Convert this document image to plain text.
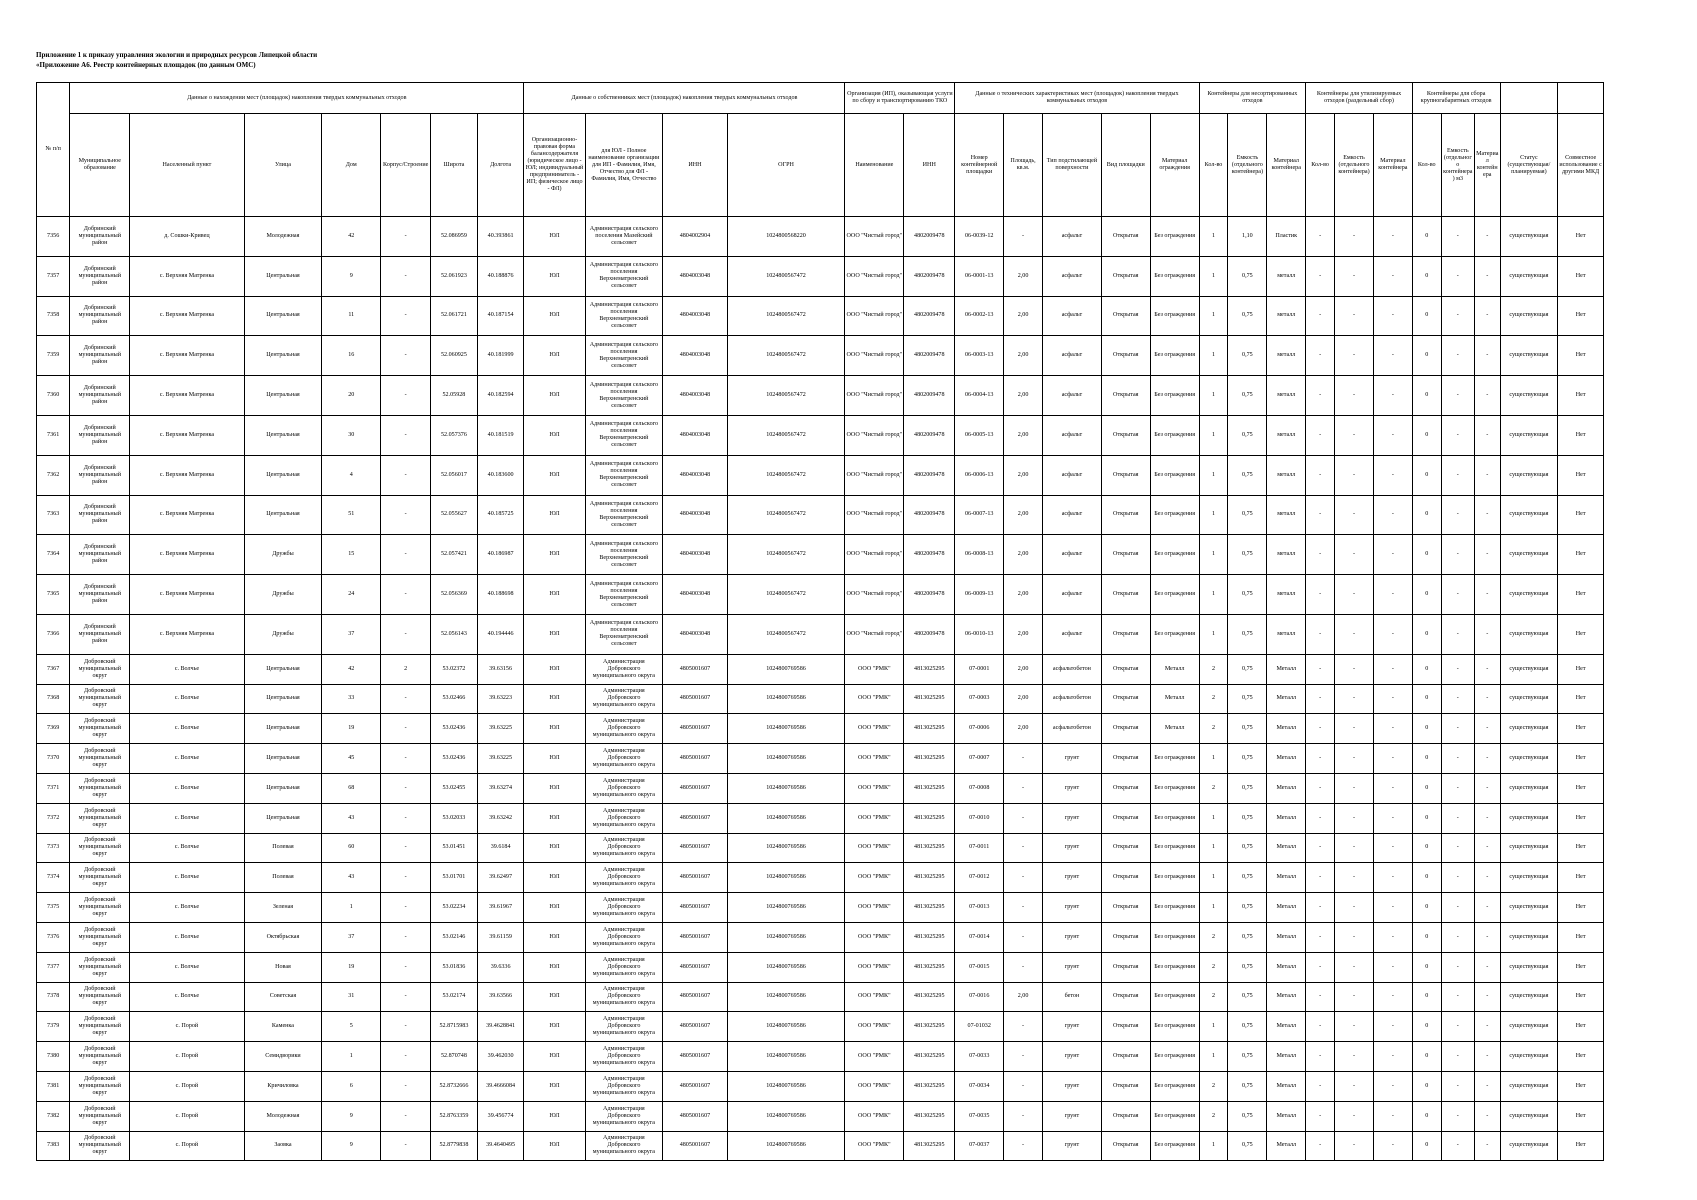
Приложение 1 к приказу управления экологии и природных ресурсов Липецкой области
«Приложение А6. Реестр контейнерных площадок (по данным ОМС)
№ п/п	Данные о нахождении мест (площадок) накопления твердых коммунальных отходов							Данные о собственниках мест (площадок) накопления твердых коммунальных отходов				Организация (ИП), оказывающая услуги по сбору и транспортированию ТКО		Данные о технических характеристиках мест (площадок) накопления твердых коммунальных отходов					Контейнеры для несортированных отходов			Контейнеры для утилизируемых отходов (раздельный сбор)			Контейнеры для сбора крупногабаритных отходов				
	Муниципальное образование	Населенный пункт	Улица	Дом	Корпус/Строение	Широта	Долгота	Организационно-правовая форма балансодержателя (юридическое лицо - ЮЛ; индивидуальный предприниматель - ИП; физическое лицо - ФЛ)	для ЮЛ - Полное наименование организации для ИП - Фамилия, Имя, Отчество для ФЛ - Фамилия, Имя, Отчество	ИНН	ОГРН	Наименование	ИНН	Номер контейнерной площадки	Площадь, кв.м.	Тип подстилающей поверхности	Вид площадки	Материал ограждения	Кол-во	Емкость (отдельного контейнера)	Материал контейнера	Кол-во	Емкость (отдельного контейнера)	Материал контейнера	Кол-во	Емкость (отдельного контейнера) м3	Материал контейнера	Статус (существующая/ планируемая)	Совместное использование с другими МКД
7356	Добринский муниципальный район	д. Сошки-Кривец	Молодежная	42	-	52.086959	40.393861	ЮЛ	Администрация сельского поселения Мазейский сельсовет	4804002904	1024800568220	ООО "Чистый город"	4802009478	06-0039-12	-	асфальт	Открытая	Без ограждения	1	1,10	Пластик	-	-	-	0	-	-	существующая	Нет
7357	Добринский муниципальный район	с. Верхняя Матренка	Центральная	9	-	52.061923	40.188876	ЮЛ	Администрация сельского поселения Верхнематренский сельсовет	4804003048	1024800567472	ООО "Чистый город"	4802009478	06-0001-13	2,00	асфальт	Открытая	Без ограждения	1	0,75	металл	-	-	-	0	-	-	существующая	Нет
7358	Добринский муниципальный район	с. Верхняя Матренка	Центральная	11	-	52.061721	40.187154	ЮЛ	Администрация сельского поселения Верхнематренский сельсовет	4804003048	1024800567472	ООО "Чистый город"	4802009478	06-0002-13	2,00	асфальт	Открытая	Без ограждения	1	0,75	металл	-	-	-	0	-	-	существующая	Нет
7359	Добринский муниципальный район	с. Верхняя Матренка	Центральная	16	-	52.060925	40.181999	ЮЛ	Администрация сельского поселения Верхнематренский сельсовет	4804003048	1024800567472	ООО "Чистый город"	4802009478	06-0003-13	2,00	асфальт	Открытая	Без ограждения	1	0,75	металл	-	-	-	0	-	-	существующая	Нет
7360	Добринский муниципальный район	с. Верхняя Матренка	Центральная	20	-	52.05928	40.182594	ЮЛ	Администрация сельского поселения Верхнематренский сельсовет	4804003048	1024800567472	ООО "Чистый город"	4802009478	06-0004-13	2,00	асфальт	Открытая	Без ограждения	1	0,75	металл	-	-	-	0	-	-	существующая	Нет
7361	Добринский муниципальный район	с. Верхняя Матренка	Центральная	30	-	52.057376	40.181519	ЮЛ	Администрация сельского поселения Верхнематренский сельсовет	4804003048	1024800567472	ООО "Чистый город"	4802009478	06-0005-13	2,00	асфальт	Открытая	Без ограждения	1	0,75	металл	-	-	-	0	-	-	существующая	Нет
7362	Добринский муниципальный район	с. Верхняя Матренка	Центральная	4	-	52.056017	40.183600	ЮЛ	Администрация сельского поселения Верхнематренский сельсовет	4804003048	1024800567472	ООО "Чистый город"	4802009478	06-0006-13	2,00	асфальт	Открытая	Без ограждения	1	0,75	металл	-	-	-	0	-	-	существующая	Нет
7363	Добринский муниципальный район	с. Верхняя Матренка	Центральная	51	-	52.055627	40.185725	ЮЛ	Администрация сельского поселения Верхнематренский сельсовет	4804003048	1024800567472	ООО "Чистый город"	4802009478	06-0007-13	2,00	асфальт	Открытая	Без ограждения	1	0,75	металл	-	-	-	0	-	-	существующая	Нет
7364	Добринский муниципальный район	с. Верхняя Матренка	Дружбы	15	-	52.057421	40.186987	ЮЛ	Администрация сельского поселения Верхнематренский сельсовет	4804003048	1024800567472	ООО "Чистый город"	4802009478	06-0008-13	2,00	асфальт	Открытая	Без ограждения	1	0,75	металл	-	-	-	0	-	-	существующая	Нет
7365	Добринский муниципальный район	с. Верхняя Матренка	Дружбы	24	-	52.056369	40.188698	ЮЛ	Администрация сельского поселения Верхнематренский сельсовет	4804003048	1024800567472	ООО "Чистый город"	4802009478	06-0009-13	2,00	асфальт	Открытая	Без ограждения	1	0,75	металл	-	-	-	0	-	-	существующая	Нет
7366	Добринский муниципальный район	с. Верхняя Матренка	Дружбы	37	-	52.056143	40.194446	ЮЛ	Администрация сельского поселения Верхнематренский сельсовет	4804003048	1024800567472	ООО "Чистый город"	4802009478	06-0010-13	2,00	асфальт	Открытая	Без ограждения	1	0,75	металл	-	-	-	0	-	-	существующая	Нет
7367	Добровский муниципальный округ	с. Волчье	Центральная	42	2	53.02372	39.63156	ЮЛ	Администрация Добровского муниципального округа	4805001607	1024800769586	ООО "РМК"	4813025295	07-0001	2,00	асфальтобетон	Открытая	Металл	2	0,75	Металл	-	-	-	0	-	-	существующая	Нет
7368	Добровский муниципальный округ	с. Волчье	Центральная	33	-	53.02466	39.63223	ЮЛ	Администрация Добровского муниципального округа	4805001607	1024800769586	ООО "РМК"	4813025295	07-0003	2,00	асфальтобетон	Открытая	Металл	2	0,75	Металл	-	-	-	0	-	-	существующая	Нет
7369	Добровский муниципальный округ	с. Волчье	Центральная	19	-	53.02436	39.63225	ЮЛ	Администрация Добровского муниципального округа	4805001607	1024800769586	ООО "РМК"	4813025295	07-0006	2,00	асфальтобетон	Открытая	Металл	2	0,75	Металл	-	-	-	0	-	-	существующая	Нет
7370	Добровский муниципальный округ	с. Волчье	Центральная	45	-	53.02436	39.63225	ЮЛ	Администрация Добровского муниципального округа	4805001607	1024800769586	ООО "РМК"	4813025295	07-0007	-	грунт	Открытая	Без ограждения	1	0,75	Металл	-	-	-	0	-	-	существующая	Нет
7371	Добровский муниципальный округ	с. Волчье	Центральная	68	-	53.02455	39.63274	ЮЛ	Администрация Добровского муниципального округа	4805001607	1024800769586	ООО "РМК"	4813025295	07-0008	-	грунт	Открытая	Без ограждения	2	0,75	Металл	-	-	-	0	-	-	существующая	Нет
7372	Добровский муниципальный округ	с. Волчье	Центральная	43	-	53.02033	39.63242	ЮЛ	Администрация Добровского муниципального округа	4805001607	1024800769586	ООО "РМК"	4813025295	07-0010	-	грунт	Открытая	Без ограждения	1	0,75	Металл	-	-	-	0	-	-	существующая	Нет
7373	Добровский муниципальный округ	с. Волчье	Полевая	60	-	53.01451	39.6184	ЮЛ	Администрация Добровского муниципального округа	4805001607	1024800769586	ООО "РМК"	4813025295	07-0011	-	грунт	Открытая	Без ограждения	1	0,75	Металл	-	-	-	0	-	-	существующая	Нет
7374	Добровский муниципальный округ	с. Волчье	Полевая	43	-	53.01701	39.62497	ЮЛ	Администрация Добровского муниципального округа	4805001607	1024800769586	ООО "РМК"	4813025295	07-0012	-	грунт	Открытая	Без ограждения	1	0,75	Металл	-	-	-	0	-	-	существующая	Нет
7375	Добровский муниципальный округ	с. Волчье	Зеленая	1	-	53.02234	39.61967	ЮЛ	Администрация Добровского муниципального округа	4805001607	1024800769586	ООО "РМК"	4813025295	07-0013	-	грунт	Открытая	Без ограждения	1	0,75	Металл	-	-	-	0	-	-	существующая	Нет
7376	Добровский муниципальный округ	с. Волчье	Октябрьская	37	-	53.02146	39.61159	ЮЛ	Администрация Добровского муниципального округа	4805001607	1024800769586	ООО "РМК"	4813025295	07-0014	-	грунт	Открытая	Без ограждения	2	0,75	Металл	-	-	-	0	-	-	существующая	Нет
7377	Добровский муниципальный округ	с. Волчье	Новая	19	-	53.01836	39.6336	ЮЛ	Администрация Добровского муниципального округа	4805001607	1024800769586	ООО "РМК"	4813025295	07-0015	-	грунт	Открытая	Без ограждения	2	0,75	Металл	-	-	-	0	-	-	существующая	Нет
7378	Добровский муниципальный округ	с. Волчье	Советская	31	-	53.02174	39.63566	ЮЛ	Администрация Добровского муниципального округа	4805001607	1024800769586	ООО "РМК"	4813025295	07-0016	2,00	бетон	Открытая	Без ограждения	2	0,75	Металл	-	-	-	0	-	-	существующая	Нет
7379	Добровский муниципальный округ	с. Порой	Каменка	5	-	52.8715983	39.4628841	ЮЛ	Администрация Добровского муниципального округа	4805001607	1024800769586	ООО "РМК"	4813025295	07-01032	-	грунт	Открытая	Без ограждения	1	0,75	Металл	-	-	-	0	-	-	существующая	Нет
7380	Добровский муниципальный округ	с. Порой	Семидворики	1	-	52.870748	39.462030	ЮЛ	Администрация Добровского муниципального округа	4805001607	1024800769586	ООО "РМК"	4813025295	07-0033	-	грунт	Открытая	Без ограждения	1	0,75	Металл	-	-	-	0	-	-	существующая	Нет
7381	Добровский муниципальный округ	с. Порой	Кричиловка	6	-	52.8732666	39.4666084	ЮЛ	Администрация Добровского муниципального округа	4805001607	1024800769586	ООО "РМК"	4813025295	07-0034	-	грунт	Открытая	Без ограждения	2	0,75	Металл	-	-	-	0	-	-	существующая	Нет
7382	Добровский муниципальный округ	с. Порой	Молодежная	9	-	52.8763359	39.456774	ЮЛ	Администрация Добровского муниципального округа	4805001607	1024800769586	ООО "РМК"	4813025295	07-0035	-	грунт	Открытая	Без ограждения	2	0,75	Металл	-	-	-	0	-	-	существующая	Нет
7383	Добровский муниципальный округ	с. Порой	Заовка	9	-	52.8779838	39.4640495	ЮЛ	Администрация Добровского муниципального округа	4805001607	1024800769586	ООО "РМК"	4813025295	07-0037	-	грунт	Открытая	Без ограждения	1	0,75	Металл	-	-	-	0	-	-	существующая	Нет
